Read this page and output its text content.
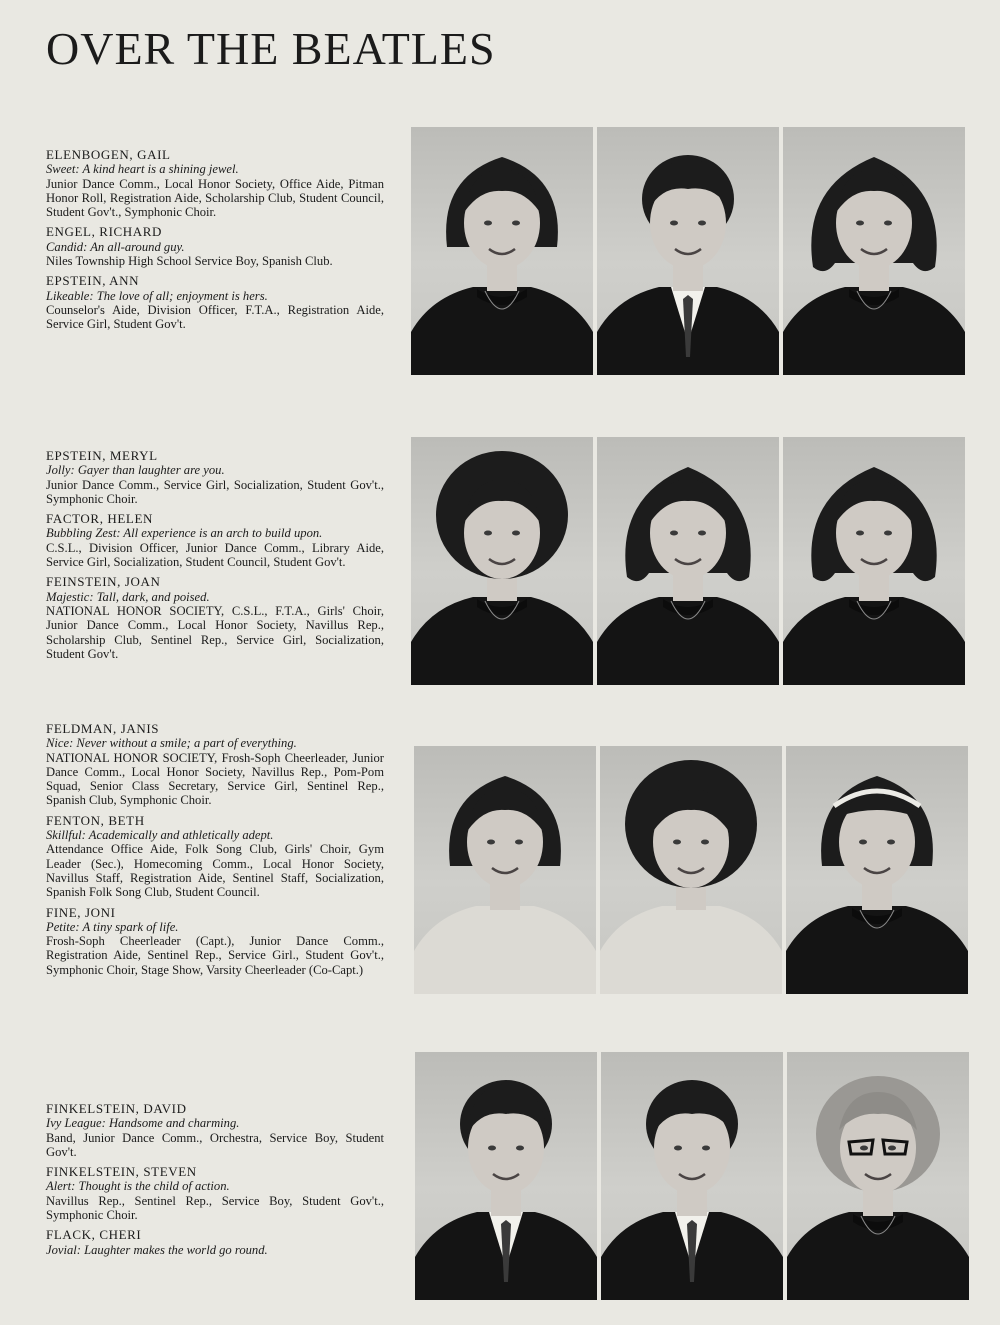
OVER THE BEATLES

ELENBOGEN, GAIL
Sweet: A kind heart is a shining jewel.
Junior Dance Comm., Local Honor Society, Office Aide, Pitman Honor Roll, Registration Aide, Scholarship Club, Student Council, Student Gov't., Symphonic Choir.

ENGEL, RICHARD
Candid: An all-around guy.
Niles Township High School Service Boy, Spanish Club.

EPSTEIN, ANN
Likeable: The love of all; enjoyment is hers.
Counselor's Aide, Division Officer, F.T.A., Registration Aide, Service Girl, Student Gov't.

EPSTEIN, MERYL
Jolly: Gayer than laughter are you.
Junior Dance Comm., Service Girl, Socialization, Student Gov't., Symphonic Choir.

FACTOR, HELEN
Bubbling Zest: All experience is an arch to build upon.
C.S.L., Division Officer, Junior Dance Comm., Library Aide, Service Girl, Socialization, Student Council, Student Gov't.

FEINSTEIN, JOAN
Majestic: Tall, dark, and poised.
NATIONAL HONOR SOCIETY, C.S.L., F.T.A., Girls' Choir, Junior Dance Comm., Local Honor Society, Navillus Rep., Scholarship Club, Sentinel Rep., Service Girl, Socialization, Student Gov't.

FELDMAN, JANIS
Nice: Never without a smile; a part of everything.
NATIONAL HONOR SOCIETY, Frosh-Soph Cheerleader, Junior Dance Comm., Local Honor Society, Navillus Rep., Pom-Pom Squad, Senior Class Secretary, Service Girl, Sentinel Rep., Spanish Club, Symphonic Choir.

FENTON, BETH
Skillful: Academically and athletically adept.
Attendance Office Aide, Folk Song Club, Girls' Choir, Gym Leader (Sec.), Homecoming Comm., Local Honor Society, Navillus Staff, Registration Aide, Sentinel Staff, Socialization, Spanish Folk Song Club, Student Council.

FINE, JONI
Petite: A tiny spark of life.
Frosh-Soph Cheerleader (Capt.), Junior Dance Comm., Registration Aide, Sentinel Rep., Service Girl., Student Gov't., Symphonic Choir, Stage Show, Varsity Cheerleader (Co-Capt.)

FINKELSTEIN, DAVID
Ivy League: Handsome and charming.
Band, Junior Dance Comm., Orchestra, Service Boy, Student Gov't.

FINKELSTEIN, STEVEN
Alert: Thought is the child of action.
Navillus Rep., Sentinel Rep., Service Boy, Student Gov't., Symphonic Choir.

FLACK, CHERI
Jovial: Laughter makes the world go round.
